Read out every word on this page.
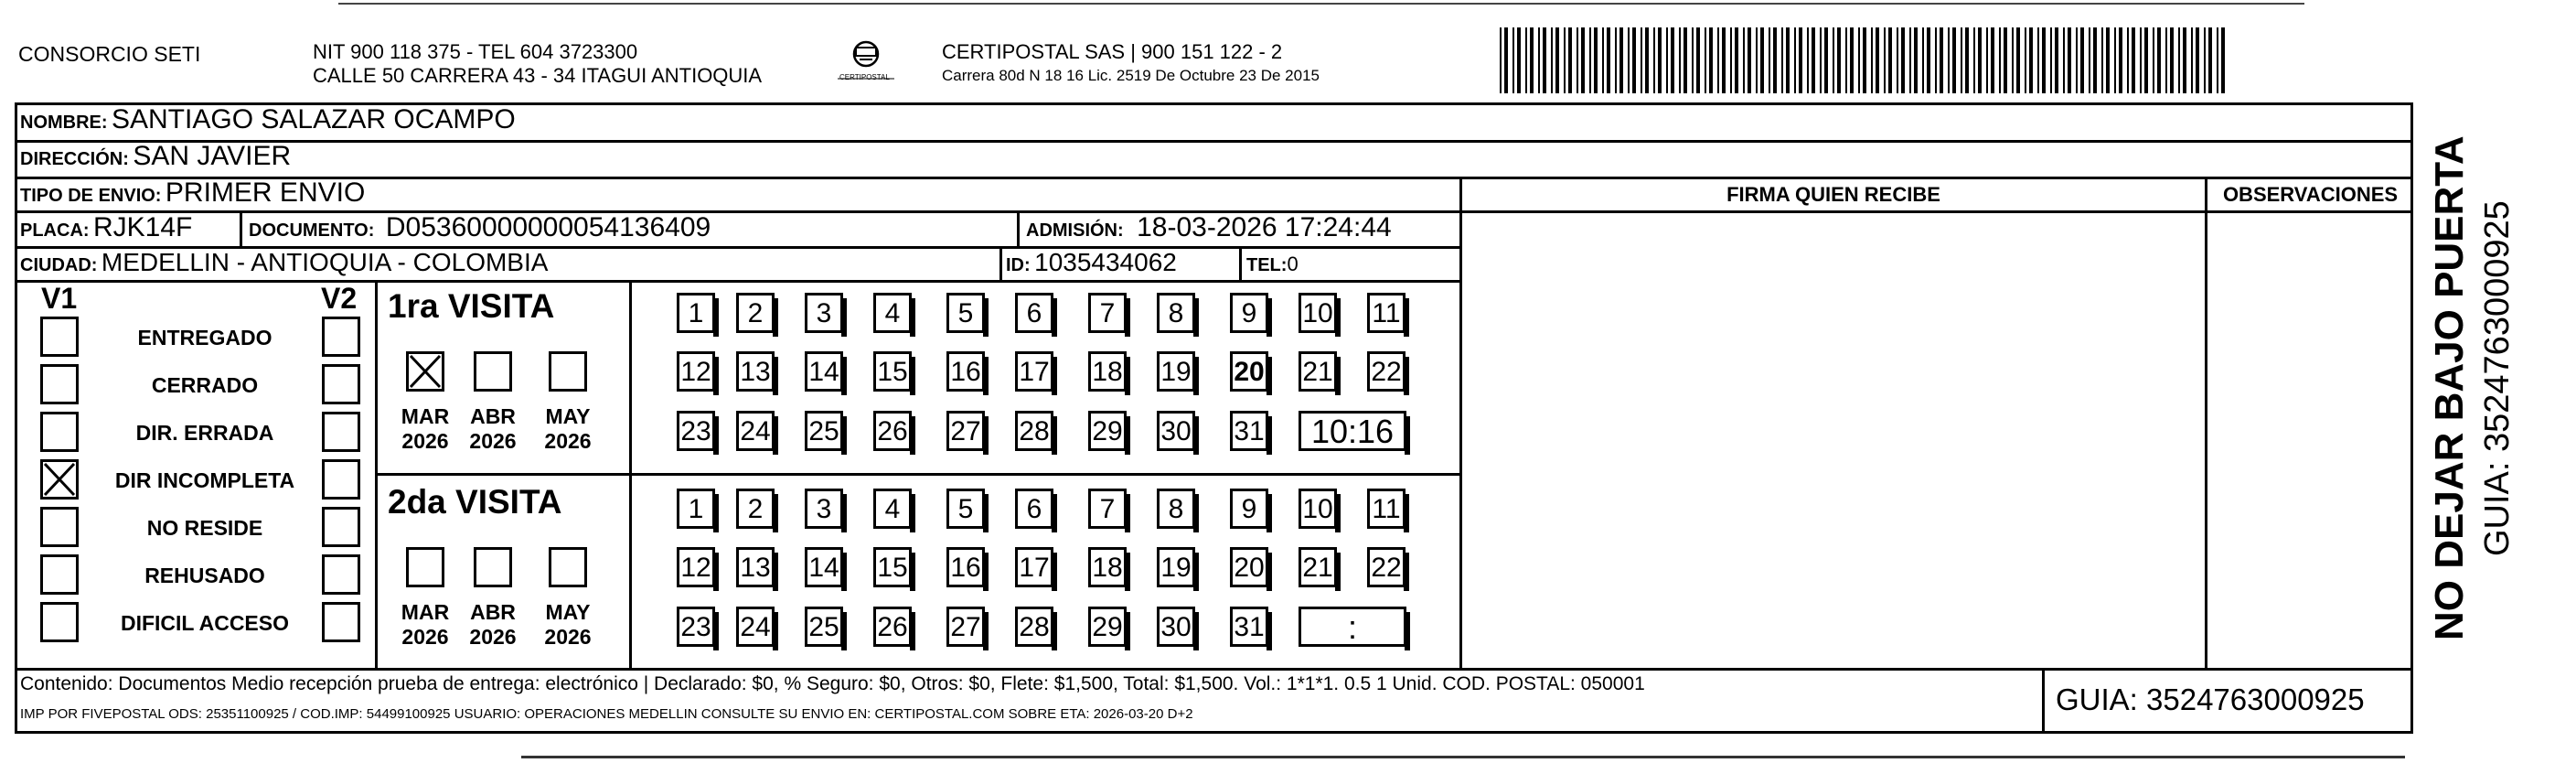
CONSORCIO SETI	NIT 900 118 375 - TEL 604 3723300
CALLE 50 CARRERA 43 - 34 ITAGUI ANTIOQUIA	CERTIPOSTAL
CERTIPOSTAL SAS | 900 151 122 - 2
Carrera 80d N 18 16 Lic. 2519 De Octubre 23 De 2015
NOMBRE: SANTIAGO SALAZAR OCAMPO
DIRECCIÓN: SAN JAVIER
TIPO DE ENVIO: PRIMER ENVIO	FIRMA QUIEN RECIBE	OBSERVACIONES
PLACA: RJK14F	DOCUMENTO: D05360000000054136409	ADMISIÓN: 18-03-2026 17:24:44
CIUDAD: MEDELLIN - ANTIOQUIA - COLOMBIA	ID: 1035434062	TEL:0
V1	V2
ENTREGADO
CERRADO
DIR. ERRADA
DIR INCOMPLETA
NO RESIDE
REHUSADO
DIFICIL ACCESO
1ra VISITA
2da VISITA
MAR
2026
ABR
2026
MAY
2026
1	2	3	4	5	6	7	8	9	10 11
12 13 14 15 16 17 18 19 20 21 22
23 24 25 26 27 28 29 30 31	10:16
MAR
2026
ABR
2026
MAY
2026
1	2	3	4	5	6	7	8	9	10 11
12 13 14 15 16 17 18 19 20 21 22
23 24 25 26 27 28 29 30 31	:
Contenido: Documentos Medio recepción prueba de entrega: electrónico | Declarado: $0, % Seguro: $0, Otros: $0, Flete: $1,500, Total: $1,500. Vol.: 1*1*1. 0.5 1 Unid. COD. POSTAL: 050001
IMP POR FIVEPOSTAL ODS: 25351100925 / COD.IMP: 54499100925 USUARIO: OPERACIONES MEDELLIN CONSULTE SU ENVIO EN: CERTIPOSTAL.COM SOBRE ETA: 2026-03-20 D+2	GUIA: 3524763000925
NO DEJAR BAJO PUERTA GUIA: 3524763000925
